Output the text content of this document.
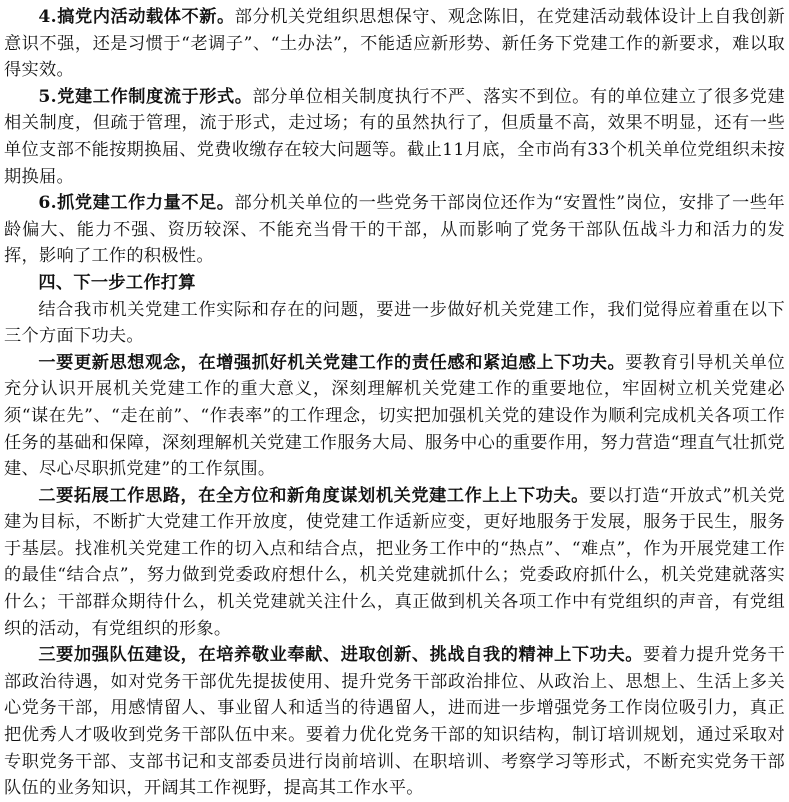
4.搞党内活动载体不新。部分机关党组织思想保守、观念陈旧，在党建活动载体设计上自我创新意识不强，还是习惯于“老调子”、“土办法”，不能适应新形势、新任务下党建工作的新要求，难以取得实效。

5.党建工作制度流于形式。部分单位相关制度执行不严、落实不到位。有的单位建立了很多党建相关制度，但疏于管理，流于形式，走过场；有的虽然执行了，但质量不高，效果不明显，还有一些单位支部不能按期换届、党费收缴存在较大问题等。截止11月底，全市尚有33个机关单位党组织未按期换届。

6.抓党建工作力量不足。部分机关单位的一些党务干部岗位还作为“安置性”岗位，安排了一些年龄偏大、能力不强、资历较深、不能充当骨干的干部，从而影响了党务干部队伍战斗力和活力的发挥，影响了工作的积极性。

四、下一步工作打算

结合我市机关党建工作实际和存在的问题，要进一步做好机关党建工作，我们觉得应着重在以下三个方面下功夫。

一要更新思想观念，在增强抓好机关党建工作的责任感和紧迫感上下功夫。要教育引导机关单位充分认识开展机关党建工作的重大意义，深刻理解机关党建工作的重要地位，牢固树立机关党建必须“谋在先”、“走在前”、“作表率”的工作理念，切实把加强机关党的建设作为顺利完成机关各项工作任务的基础和保障，深刻理解机关党建工作服务大局、服务中心的重要作用，努力营造“理直气壮抓党建、尽心尽职抓党建”的工作氛围。

二要拓展工作思路，在全方位和新角度谋划机关党建工作上上下功夫。要以打造“开放式”机关党建为目标，不断扩大党建工作开放度，使党建工作适新应变，更好地服务于发展，服务于民生，服务于基层。找准机关党建工作的切入点和结合点，把业务工作中的“热点”、“难点”，作为开展党建工作的最佳“结合点”，努力做到党委政府想什么，机关党建就抓什么；党委政府抓什么，机关党建就落实什么；干部群众期待什么，机关党建就关注什么，真正做到机关各项工作中有党组织的声音，有党组织的活动，有党组织的形象。

三要加强队伍建设，在培养敬业奉献、进取创新、挑战自我的精神上下功夫。要着力提升党务干部政治待遇，如对党务干部优先提拔使用、提升党务干部政治排位、从政治上、思想上、生活上多关心党务干部，用感情留人、事业留人和适当的待遇留人，进而进一步增强党务工作岗位吸引力，真正把优秀人才吸收到党务干部队伍中来。要着力优化党务干部的知识结构，制订培训规划，通过采取对专职党务干部、支部书记和支部委员进行岗前培训、在职培训、考察学习等形式，不断充实党务干部队伍的业务知识，开阔其工作视野，提高其工作水平。
